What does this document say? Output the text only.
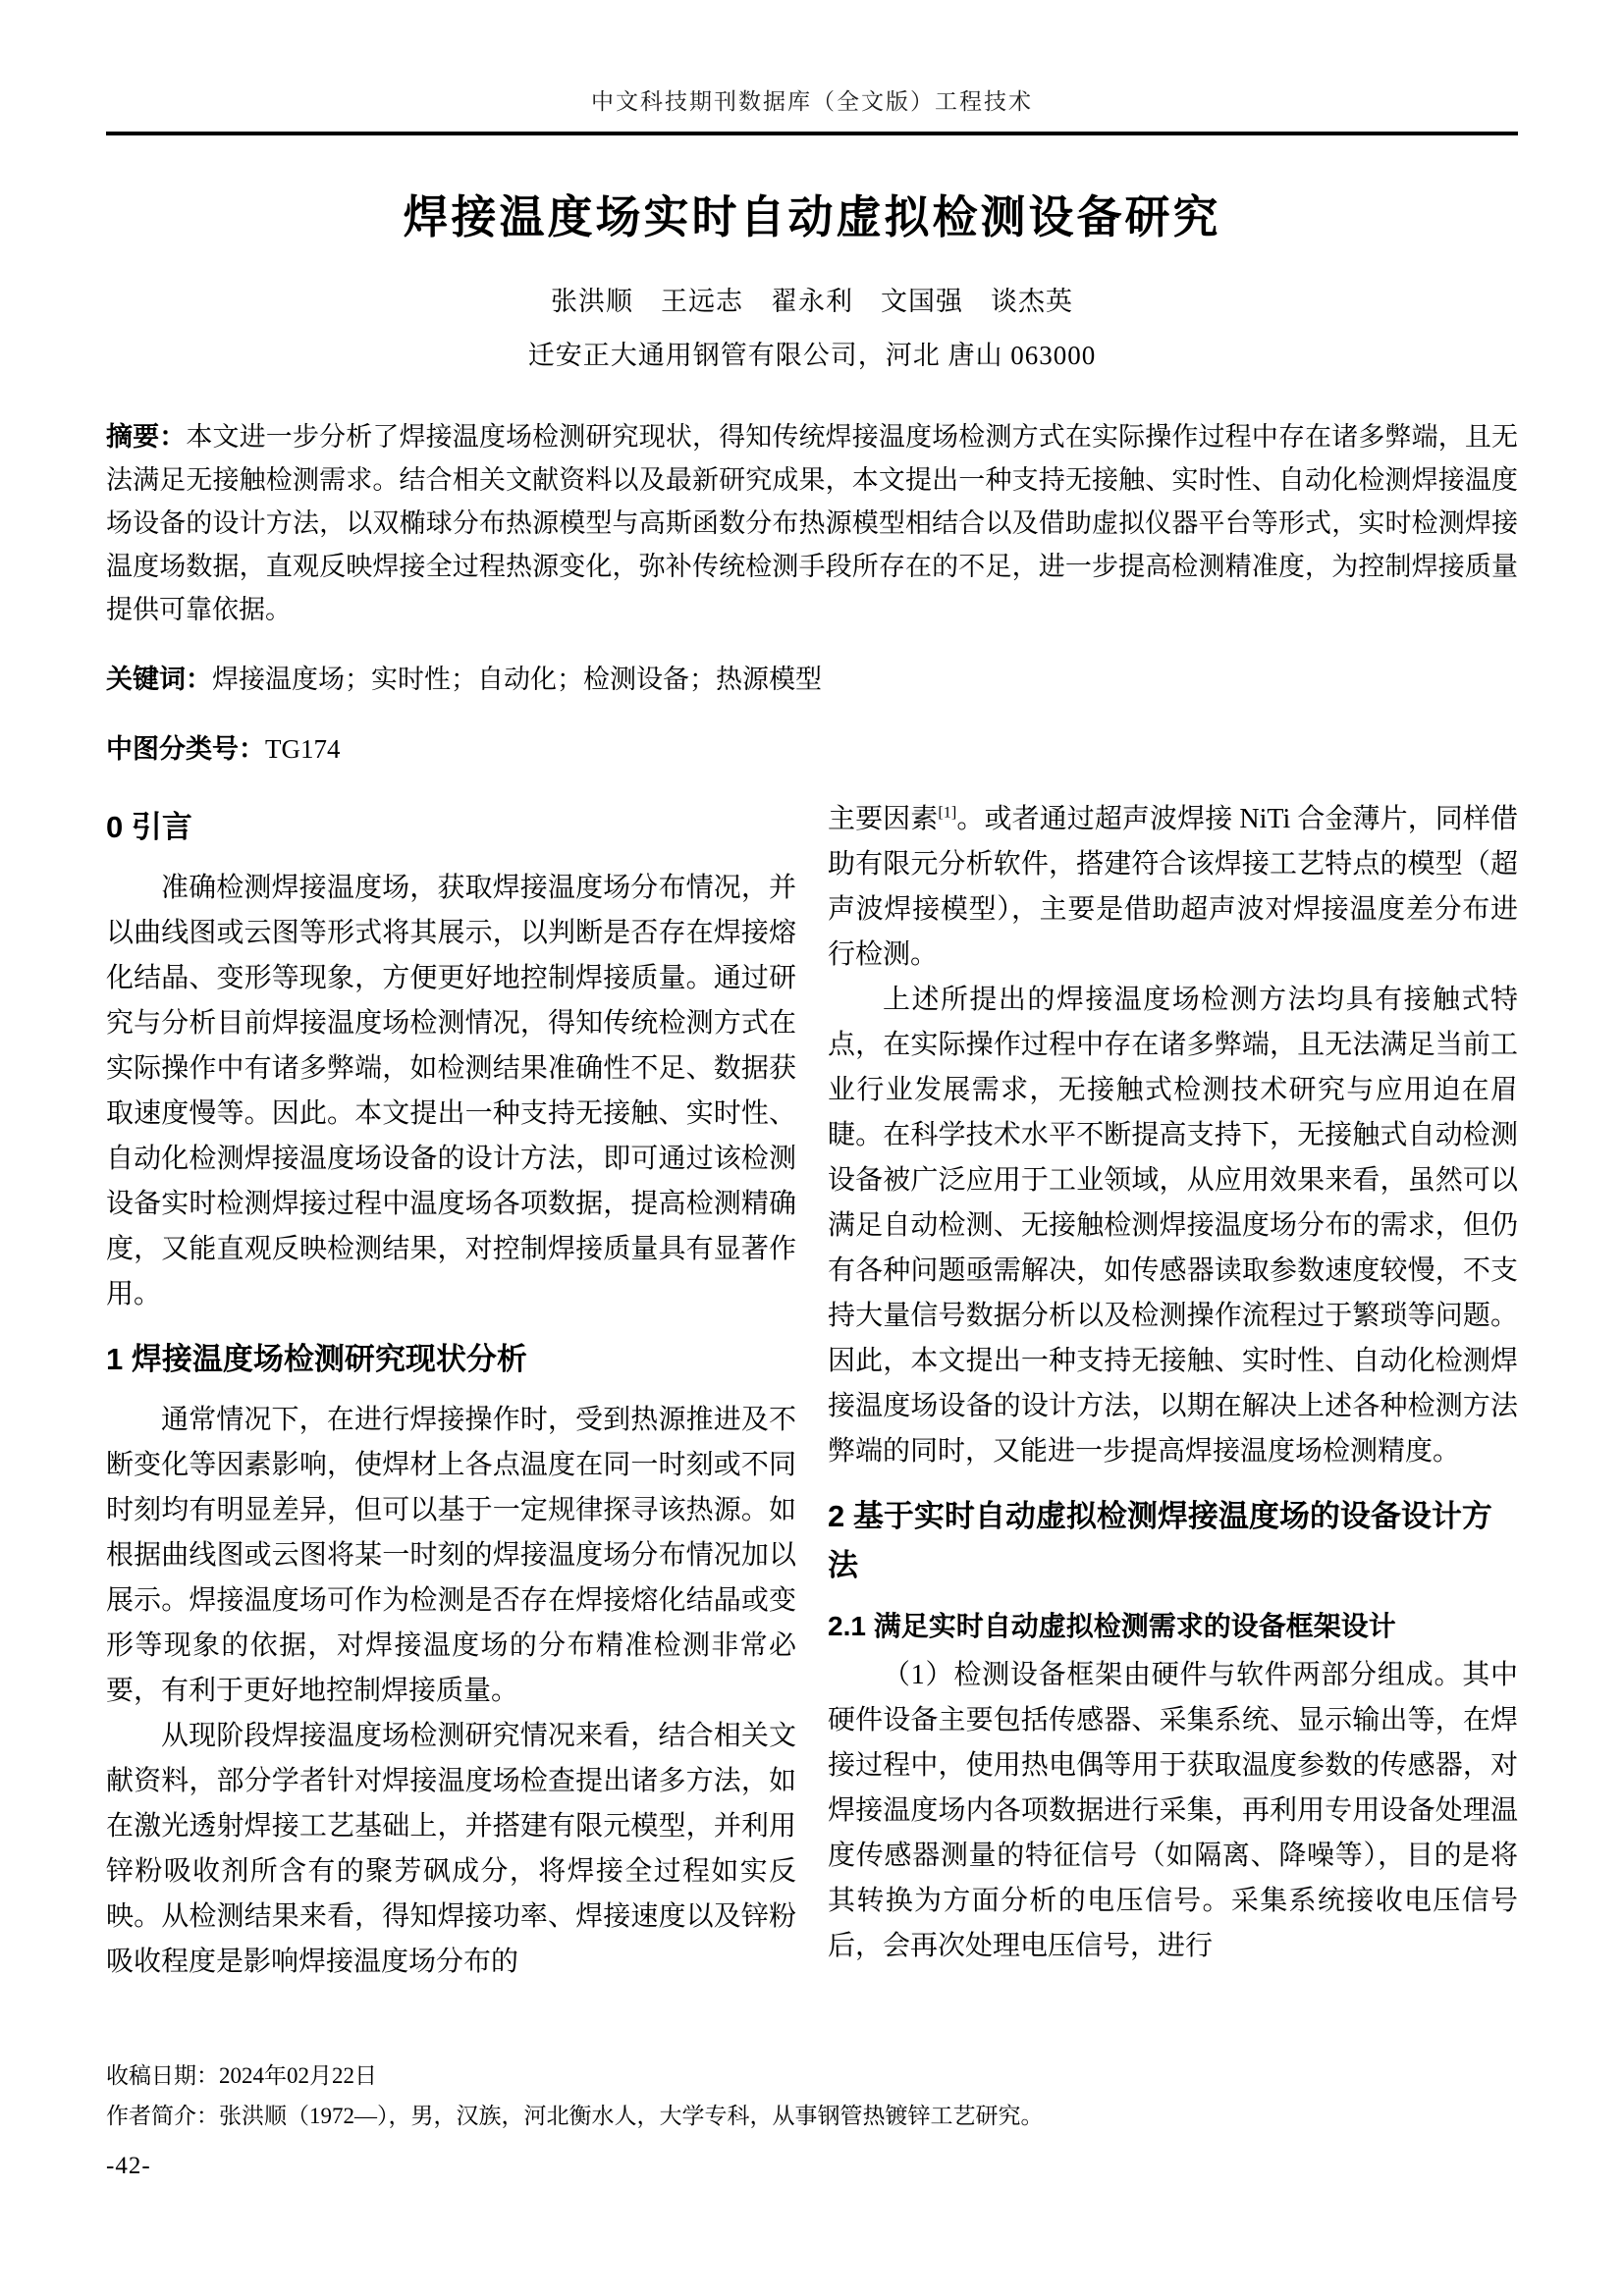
中文科技期刊数据库（全文版）工程技术
焊接温度场实时自动虚拟检测设备研究
张洪顺　王远志　翟永利　文国强　谈杰英
迁安正大通用钢管有限公司，河北 唐山 063000

摘要：本文进一步分析了焊接温度场检测研究现状，得知传统焊接温度场检测方式在实际操作过程中存在诸多弊端，且无法满足无接触检测需求。结合相关文献资料以及最新研究成果，本文提出一种支持无接触、实时性、自动化检测焊接温度场设备的设计方法，以双椭球分布热源模型与高斯函数分布热源模型相结合以及借助虚拟仪器平台等形式，实时检测焊接温度场数据，直观反映焊接全过程热源变化，弥补传统检测手段所存在的不足，进一步提高检测精准度，为控制焊接质量提供可靠依据。

关键词：焊接温度场；实时性；自动化；检测设备；热源模型

中图分类号：TG174

0 引言

准确检测焊接温度场，获取焊接温度场分布情况，并以曲线图或云图等形式将其展示，以判断是否存在焊接熔化结晶、变形等现象，方便更好地控制焊接质量。通过研究与分析目前焊接温度场检测情况，得知传统检测方式在实际操作中有诸多弊端，如检测结果准确性不足、数据获取速度慢等。因此。本文提出一种支持无接触、实时性、自动化检测焊接温度场设备的设计方法，即可通过该检测设备实时检测焊接过程中温度场各项数据，提高检测精确度，又能直观反映检测结果，对控制焊接质量具有显著作用。

1 焊接温度场检测研究现状分析

通常情况下，在进行焊接操作时，受到热源推进及不断变化等因素影响，使焊材上各点温度在同一时刻或不同时刻均有明显差异，但可以基于一定规律探寻该热源。如根据曲线图或云图将某一时刻的焊接温度场分布情况加以展示。焊接温度场可作为检测是否存在焊接熔化结晶或变形等现象的依据，对焊接温度场的分布精准检测非常必要，有利于更好地控制焊接质量。

从现阶段焊接温度场检测研究情况来看，结合相关文献资料，部分学者针对焊接温度场检查提出诸多方法，如在激光透射焊接工艺基础上，并搭建有限元模型，并利用锌粉吸收剂所含有的聚芳砜成分，将焊接全过程如实反映。从检测结果来看，得知焊接功率、焊接速度以及锌粉吸收程度是影响焊接温度场分布的

主要因素[1]。或者通过超声波焊接 NiTi 合金薄片，同样借助有限元分析软件，搭建符合该焊接工艺特点的模型（超声波焊接模型），主要是借助超声波对焊接温度差分布进行检测。

上述所提出的焊接温度场检测方法均具有接触式特点，在实际操作过程中存在诸多弊端，且无法满足当前工业行业发展需求，无接触式检测技术研究与应用迫在眉睫。在科学技术水平不断提高支持下，无接触式自动检测设备被广泛应用于工业领域，从应用效果来看，虽然可以满足自动检测、无接触检测焊接温度场分布的需求，但仍有各种问题亟需解决，如传感器读取参数速度较慢，不支持大量信号数据分析以及检测操作流程过于繁琐等问题。因此，本文提出一种支持无接触、实时性、自动化检测焊接温度场设备的设计方法，以期在解决上述各种检测方法弊端的同时，又能进一步提高焊接温度场检测精度。

2 基于实时自动虚拟检测焊接温度场的设备设计方法
2.1 满足实时自动虚拟检测需求的设备框架设计

（1）检测设备框架由硬件与软件两部分组成。其中硬件设备主要包括传感器、采集系统、显示输出等，在焊接过程中，使用热电偶等用于获取温度参数的传感器，对焊接温度场内各项数据进行采集，再利用专用设备处理温度传感器测量的特征信号（如隔离、降噪等），目的是将其转换为方面分析的电压信号。采集系统接收电压信号后，会再次处理电压信号，进行

收稿日期：2024年02月22日
作者简介：张洪顺（1972—），男，汉族，河北衡水人，大学专科，从事钢管热镀锌工艺研究。
-42-
